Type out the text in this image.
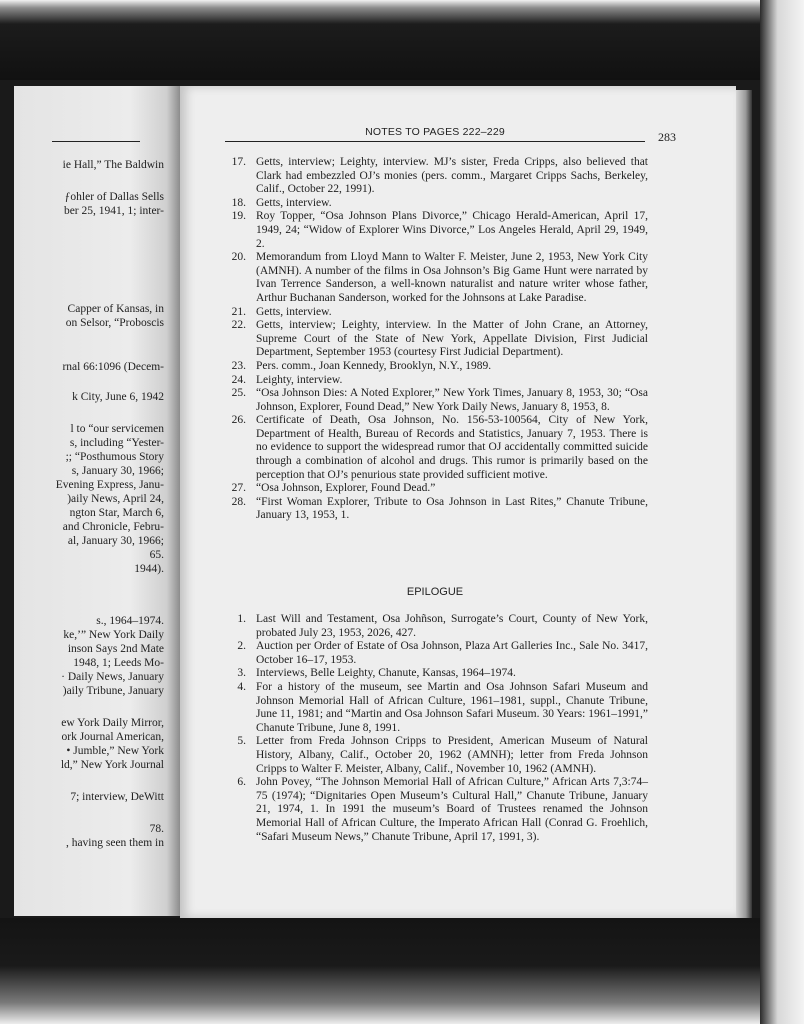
ie Hall,” The Baldwin
ƒohler of Dallas Sells
ber 25, 1941, 1; inter-
Capper of Kansas, in
on Selsor, “Proboscis
rnal 66:1096 (Decem-
k City, June 6, 1942
l to “our servicemen
s, including “Yester-
;; “Posthumous Story
s, January 30, 1966;
Evening Express, Janu-
)aily News, April 24,
ngton Star, March 6,
and Chronicle, Febru-
al, January 30, 1966;
65.
1944).
s., 1964–1974.
ke,’” New York Daily
inson Says 2nd Mate
1948, 1; Leeds Mo-
· Daily News, January
)aily Tribune, January
ew York Daily Mirror,
ork Journal American,
• Jumble,” New York
ld,” New York Journal
7; interview, DeWitt
78.
, having seen them in
NOTES TO PAGES 222–229	283
17. Getts, interview; Leighty, interview. MJ’s sister, Freda Cripps, also believed that Clark had embezzled OJ’s monies (pers. comm., Margaret Cripps Sachs, Berkeley, Calif., October 22, 1991).
18. Getts, interview.
19. Roy Topper, “Osa Johnson Plans Divorce,” Chicago Herald-American, April 17, 1949, 24; “Widow of Explorer Wins Divorce,” Los Angeles Herald, April 29, 1949, 2.
20. Memorandum from Lloyd Mann to Walter F. Meister, June 2, 1953, New York City (AMNH). A number of the films in Osa Johnson’s Big Game Hunt were narrated by Ivan Terrence Sanderson, a well-known naturalist and nature writer whose father, Arthur Buchanan Sanderson, worked for the Johnsons at Lake Paradise.
21. Getts, interview.
22. Getts, interview; Leighty, interview. In the Matter of John Crane, an Attorney, Supreme Court of the State of New York, Appellate Division, First Judicial Department, September 1953 (courtesy First Judicial Department).
23. Pers. comm., Joan Kennedy, Brooklyn, N.Y., 1989.
24. Leighty, interview.
25. “Osa Johnson Dies: A Noted Explorer,” New York Times, January 8, 1953, 30; “Osa Johnson, Explorer, Found Dead,” New York Daily News, January 8, 1953, 8.
26. Certificate of Death, Osa Johnson, No. 156-53-100564, City of New York, Department of Health, Bureau of Records and Statistics, January 7, 1953. There is no evidence to support the widespread rumor that OJ accidentally committed suicide through a combination of alcohol and drugs. This rumor is primarily based on the perception that OJ’s penurious state provided sufficient motive.
27. “Osa Johnson, Explorer, Found Dead.”
28. “First Woman Explorer, Tribute to Osa Johnson in Last Rites,” Chanute Tribune, January 13, 1953, 1.
EPILOGUE
1. Last Will and Testament, Osa Johñson, Surrogate’s Court, County of New York, probated July 23, 1953, 2026, 427.
2. Auction per Order of Estate of Osa Johnson, Plaza Art Galleries Inc., Sale No. 3417, October 16–17, 1953.
3. Interviews, Belle Leighty, Chanute, Kansas, 1964–1974.
4. For a history of the museum, see Martin and Osa Johnson Safari Museum and Johnson Memorial Hall of African Culture, 1961–1981, suppl., Chanute Tribune, June 11, 1981; and “Martin and Osa Johnson Safari Museum. 30 Years: 1961–1991,” Chanute Tribune, June 8, 1991.
5. Letter from Freda Johnson Cripps to President, American Museum of Natural History, Albany, Calif., October 20, 1962 (AMNH); letter from Freda Johnson Cripps to Walter F. Meister, Albany, Calif., November 10, 1962 (AMNH).
6. John Povey, “The Johnson Memorial Hall of African Culture,” African Arts 7,3:74–75 (1974); “Dignitaries Open Museum’s Cultural Hall,” Chanute Tribune, January 21, 1974, 1. In 1991 the museum’s Board of Trustees renamed the Johnson Memorial Hall of African Culture, the Imperato African Hall (Conrad G. Froehlich, “Safari Museum News,” Chanute Tribune, April 17, 1991, 3).
